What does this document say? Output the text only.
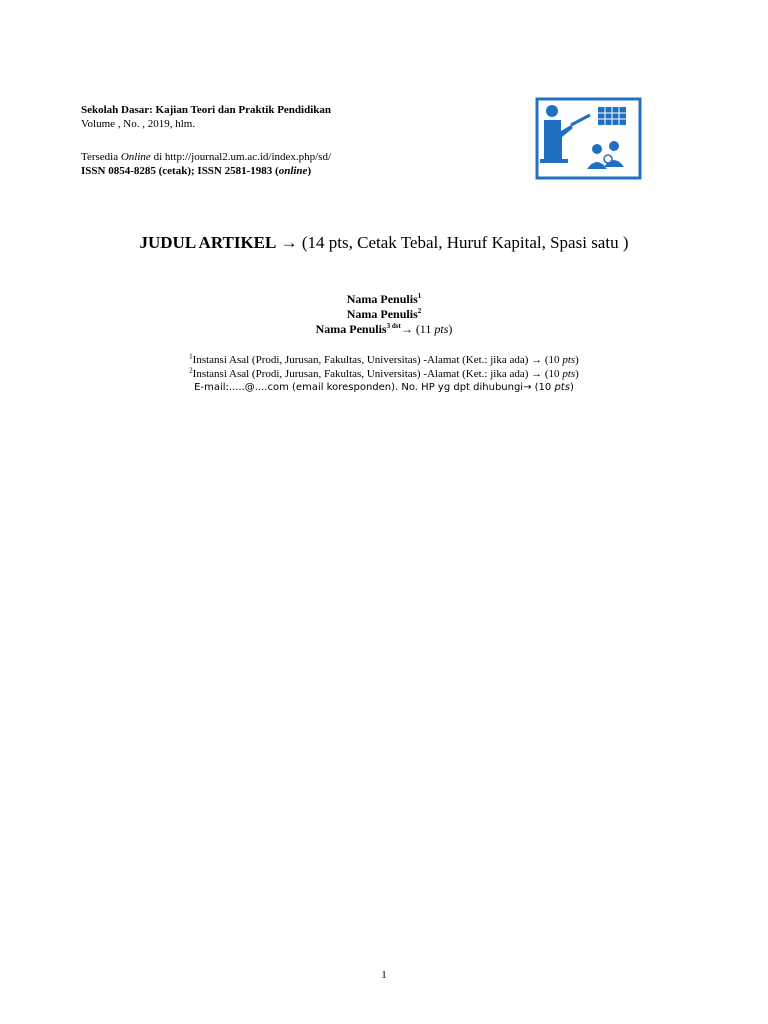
Sekolah Dasar: Kajian Teori dan Praktik Pendidikan
Volume , No. , 2019, hlm.
Tersedia Online di http://journal2.um.ac.id/index.php/sd/
ISSN 0854-8285 (cetak); ISSN 2581-1983 (online)
JUDUL ARTIKEL → (14 pts, Cetak Tebal, Huruf Kapital, Spasi satu )
Nama Penulis$^1$
Nama Penulis$^2$
Nama Penulis$^{3 dst}$→ (11 pts)
$^1$Instansi Asal (Prodi, Jurusan, Fakultas, Universitas) -Alamat (Ket.: jika ada) → (10 pts)
$^2$Instansi Asal (Prodi, Jurusan, Fakultas, Universitas) -Alamat (Ket.: jika ada) → (10 pts)
E-mail:.....@....com (email koresponden). No. HP yg dpt dihubungi→ (10 pts)
1
